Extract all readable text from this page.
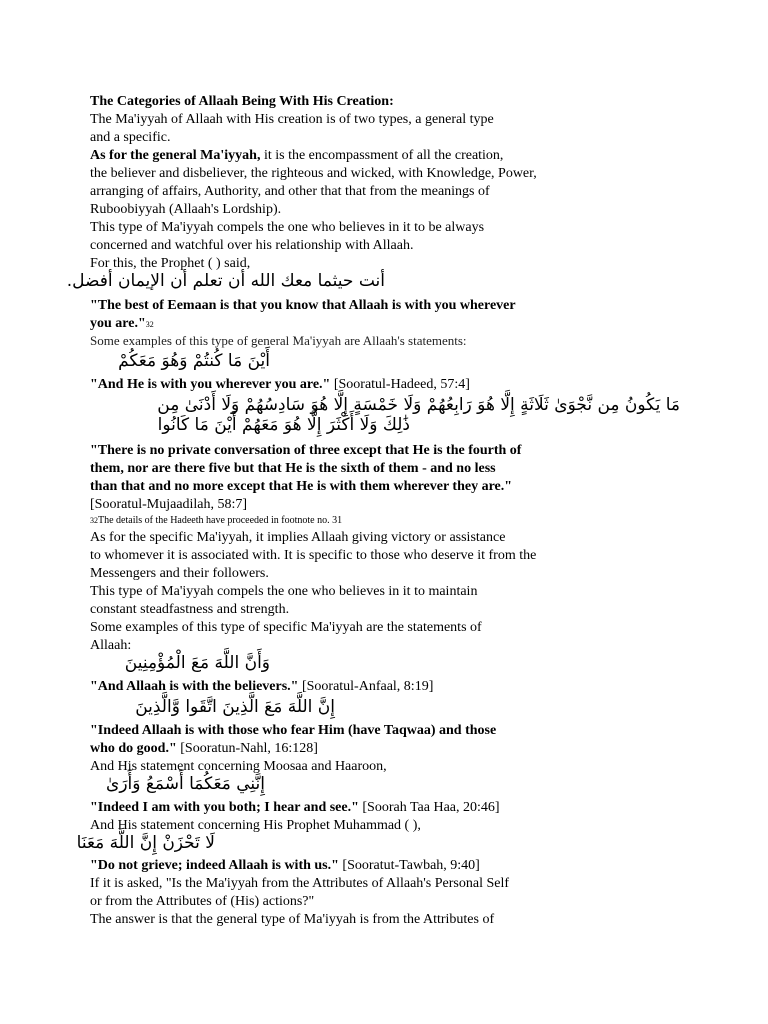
The Categories of Allaah Being With His Creation:
The Ma'iyyah of Allaah with His creation is of two types, a general type
and a specific.
As for the general Ma'iyyah, it is the encompassment of all the creation,
the believer and disbeliever, the righteous and wicked, with Knowledge, Power,
arranging of affairs, Authority, and other that that from the meanings of
Ruboobiyyah (Allaah's Lordship).
This type of Ma'iyyah compels the one who believes in it to be always
concerned and watchful over his relationship with Allaah.
For this, the Prophet ( ) said,
أنت حيثما معك الله أن تعلم أن الإيمان أفضل.
"The best of Eemaan is that you know that Allaah is with you wherever
you are."32
Some examples of this type of general Ma'iyyah are Allaah's statements:
أَيْنَ مَا كُنتُمْ وَهُوَ مَعَكُمْ
"And He is with you wherever you are." [Sooratul-Hadeed, 57:4]
مَا يَكُونُ مِن نَّجْوَىٰ ثَلَاثَةٍ إِلَّا هُوَ رَابِعُهُمْ وَلَا خَمْسَةٍ إِلَّا هُوَ سَادِسُهُمْ وَلَا أَدْنَىٰ مِن
ذَٰلِكَ وَلَا أَكْثَرَ إِلَّا هُوَ مَعَهُمْ أَيْنَ مَا كَانُوا
"There is no private conversation of three except that He is the fourth of
them, nor are there five but that He is the sixth of them - and no less
than that and no more except that He is with them wherever they are."
[Sooratul-Mujaadilah, 58:7]
32The details of the Hadeeth have proceeded in footnote no. 31
As for the specific Ma'iyyah, it implies Allaah giving victory or assistance
to whomever it is associated with. It is specific to those who deserve it from the
Messengers and their followers.
This type of Ma'iyyah compels the one who believes in it to maintain
constant steadfastness and strength.
Some examples of this type of specific Ma'iyyah are the statements of
Allaah:
وَأَنَّ اللَّهَ مَعَ الْمُؤْمِنِينَ
"And Allaah is with the believers." [Sooratul-Anfaal, 8:19]
إِنَّ اللَّهَ مَعَ الَّذِينَ اتَّقَوا وَّالَّذِينَ
"Indeed Allaah is with those who fear Him (have Taqwaa) and those
who do good." [Sooratun-Nahl, 16:128]
And His statement concerning Moosaa and Haaroon,
إِنَّنِي مَعَكُمَا أَسْمَعُ وَأَرَىٰ
"Indeed I am with you both; I hear and see." [Soorah Taa Haa, 20:46]
And His statement concerning His Prophet Muhammad ( ),
لَا تَحْزَنْ إِنَّ اللَّهَ مَعَنَا
"Do not grieve; indeed Allaah is with us." [Sooratut-Tawbah, 9:40]
If it is asked, "Is the Ma'iyyah from the Attributes of Allaah's Personal Self
or from the Attributes of (His) actions?"
The answer is that the general type of Ma'iyyah is from the Attributes of
